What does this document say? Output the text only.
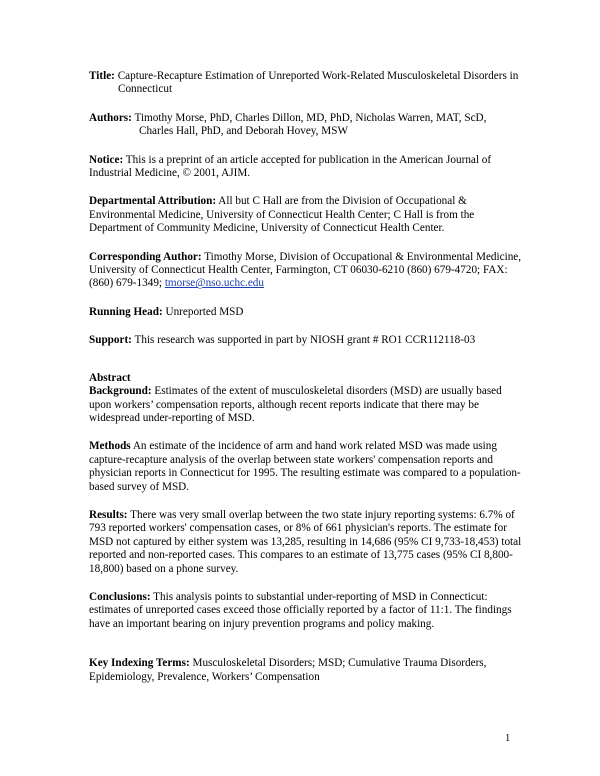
Title: Capture-Recapture Estimation of Unreported Work-Related Musculoskeletal Disorders in Connecticut

Authors: Timothy Morse, PhD, Charles Dillon, MD, PhD, Nicholas Warren, MAT, ScD, Charles Hall, PhD, and Deborah Hovey, MSW

Notice: This is a preprint of an article accepted for publication in the American Journal of Industrial Medicine, © 2001, AJIM.

Departmental Attribution: All but C Hall are from the Division of Occupational & Environmental Medicine, University of Connecticut Health Center; C Hall is from the Department of Community Medicine, University of Connecticut Health Center.

Corresponding Author: Timothy Morse, Division of Occupational & Environmental Medicine, University of Connecticut Health Center, Farmington, CT 06030-6210 (860) 679-4720; FAX: (860) 679-1349; tmorse@nso.uchc.edu

Running Head: Unreported MSD

Support: This research was supported in part by NIOSH grant # RO1 CCR112118-03

Abstract

Background: Estimates of the extent of musculoskeletal disorders (MSD) are usually based upon workers’ compensation reports, although recent reports indicate that there may be widespread under-reporting of MSD.

Methods An estimate of the incidence of arm and hand work related MSD was made using capture-recapture analysis of the overlap between state workers' compensation reports and physician reports in Connecticut for 1995. The resulting estimate was compared to a population-based survey of MSD.

Results: There was very small overlap between the two state injury reporting systems: 6.7% of 793 reported workers' compensation cases, or 8% of 661 physician's reports. The estimate for MSD not captured by either system was 13,285, resulting in 14,686 (95% CI 9,733-18,453) total reported and non-reported cases. This compares to an estimate of 13,775 cases (95% CI 8,800-18,800) based on a phone survey.

Conclusions: This analysis points to substantial under-reporting of MSD in Connecticut: estimates of unreported cases exceed those officially reported by a factor of 11:1. The findings have an important bearing on injury prevention programs and policy making.

Key Indexing Terms: Musculoskeletal Disorders; MSD; Cumulative Trauma Disorders, Epidemiology, Prevalence, Workers’ Compensation

1
